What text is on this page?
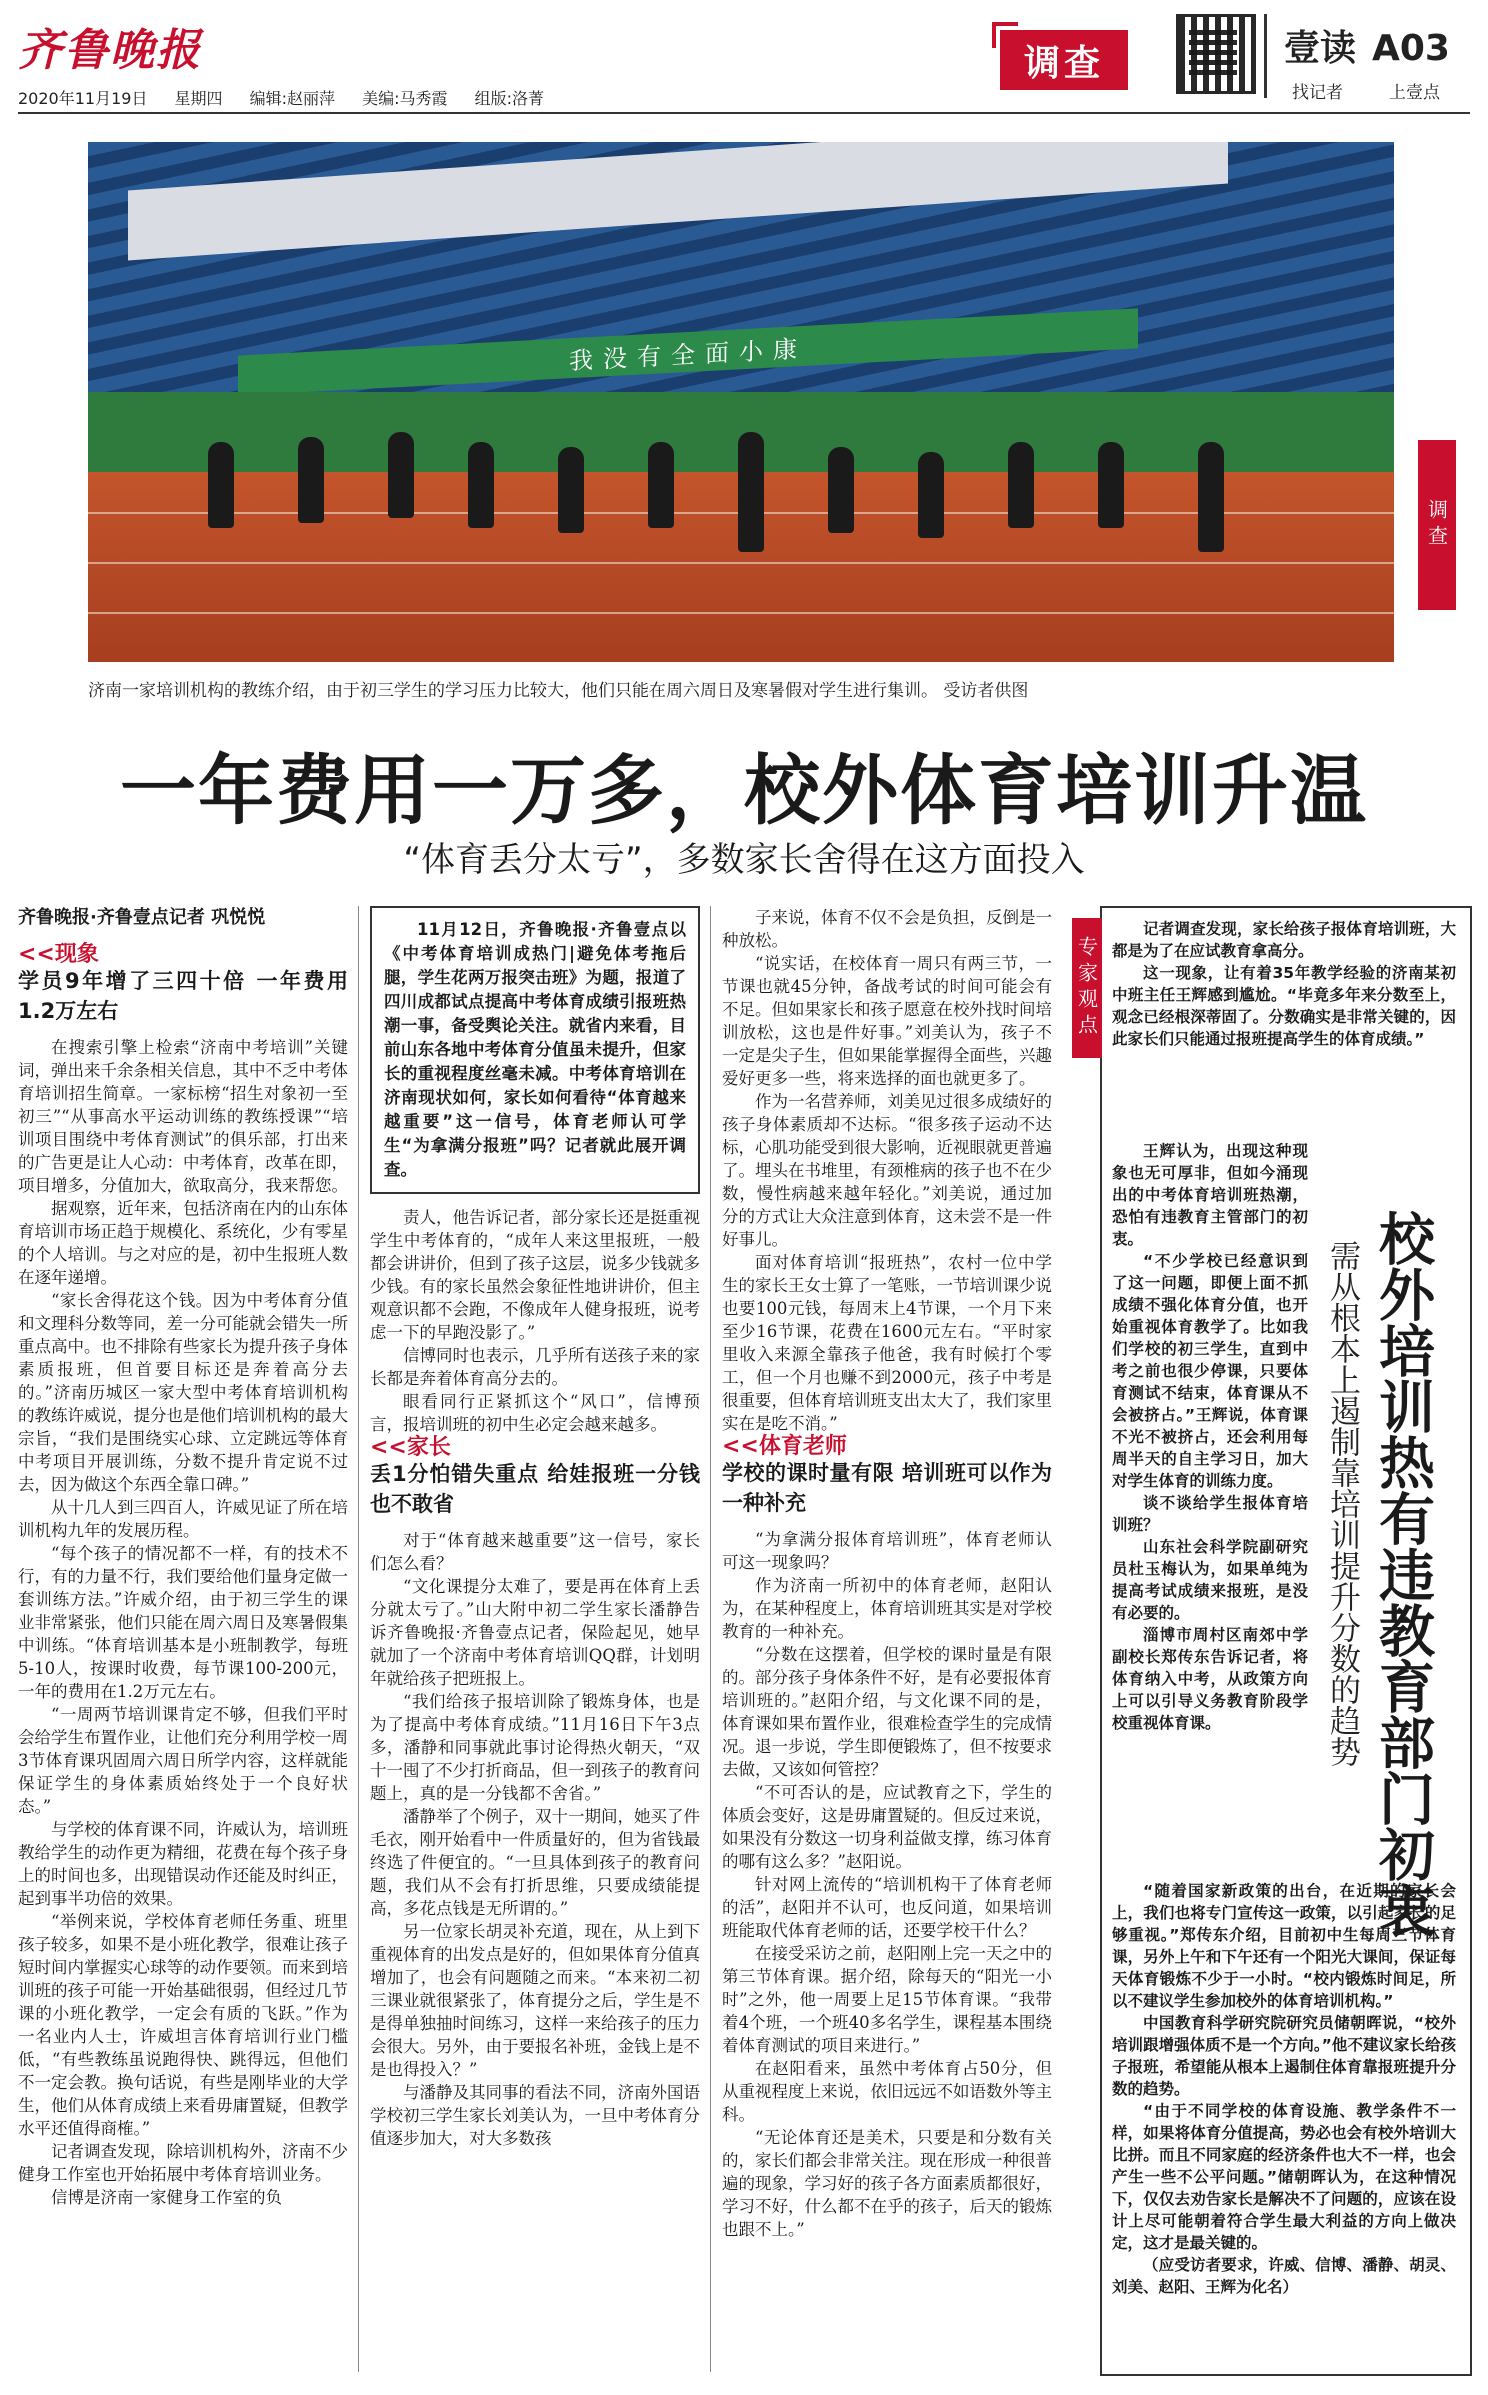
齐鲁晚报
2020年11月19日 星期四 编辑:赵丽萍 美编:马秀霞 组版:洛菁
调查	壹读 A03
找记者	上壹点
我没有全面小康
济南一家培训机构的教练介绍，由于初三学生的学习压力比较大，他们只能在周六周日及寒暑假对学生进行集训。 受访者供图
调查
一年费用一万多，校外体育培训升温
“体育丢分太亏”，多数家长舍得在这方面投入

齐鲁晚报·齐鲁壹点记者 巩悦悦

<<现象

学员9年增了三四十倍 一年费用1.2万左右

在搜索引擎上检索“济南中考培训”关键词，弹出来千余条相关信息，其中不乏中考体育培训招生简章。一家标榜“招生对象初一至初三”“从事高水平运动训练的教练授课”“培训项目围绕中考体育测试”的俱乐部，打出来的广告更是让人心动：中考体育，改革在即，项目增多，分值加大，欲取高分，我来帮您。

据观察，近年来，包括济南在内的山东体育培训市场正趋于规模化、系统化，少有零星的个人培训。与之对应的是，初中生报班人数在逐年递增。

“家长舍得花这个钱。因为中考体育分值和文理科分数等同，差一分可能就会错失一所重点高中。也不排除有些家长为提升孩子身体素质报班，但首要目标还是奔着高分去的。”济南历城区一家大型中考体育培训机构的教练许威说，提分也是他们培训机构的最大宗旨，“我们是围绕实心球、立定跳远等体育中考项目开展训练，分数不提升肯定说不过去，因为做这个东西全靠口碑。”

从十几人到三四百人，许威见证了所在培训机构九年的发展历程。

“每个孩子的情况都不一样，有的技术不行，有的力量不行，我们要给他们量身定做一套训练方法。”许威介绍，由于初三学生的课业非常紧张，他们只能在周六周日及寒暑假集中训练。“体育培训基本是小班制教学，每班5-10人，按课时收费，每节课100-200元，一年的费用在1.2万元左右。

“一周两节培训课肯定不够，但我们平时会给学生布置作业，让他们充分利用学校一周3节体育课巩固周六周日所学内容，这样就能保证学生的身体素质始终处于一个良好状态。”

与学校的体育课不同，许威认为，培训班教给学生的动作更为精细，花费在每个孩子身上的时间也多，出现错误动作还能及时纠正，起到事半功倍的效果。

“举例来说，学校体育老师任务重、班里孩子较多，如果不是小班化教学，很难让孩子短时间内掌握实心球等的动作要领。而来到培训班的孩子可能一开始基础很弱，但经过几节课的小班化教学，一定会有质的飞跃。”作为一名业内人士，许威坦言体育培训行业门槛低，“有些教练虽说跑得快、跳得远，但他们不一定会教。换句话说，有些是刚毕业的大学生，他们从体育成绩上来看毋庸置疑，但教学水平还值得商榷。”

记者调查发现，除培训机构外，济南不少健身工作室也开始拓展中考体育培训业务。

信博是济南一家健身工作室的负

11月12日，齐鲁晚报·齐鲁壹点以《中考体育培训成热门|避免体考拖后腿，学生花两万报突击班》为题，报道了四川成都试点提高中考体育成绩引报班热潮一事，备受舆论关注。就省内来看，目前山东各地中考体育分值虽未提升，但家长的重视程度丝毫未减。中考体育培训在济南现状如何，家长如何看待“体育越来越重要”这一信号，体育老师认可学生“为拿满分报班”吗？记者就此展开调查。

责人，他告诉记者，部分家长还是挺重视学生中考体育的，“成年人来这里报班，一般都会讲讲价，但到了孩子这层，说多少钱就多少钱。有的家长虽然会象征性地讲讲价，但主观意识都不会跑，不像成年人健身报班，说考虑一下的早跑没影了。”

信博同时也表示，几乎所有送孩子来的家长都是奔着体育高分去的。

眼看同行正紧抓这个“风口”，信博预言，报培训班的初中生必定会越来越多。

<<家长

丢1分怕错失重点 给娃报班一分钱也不敢省

对于“体育越来越重要”这一信号，家长们怎么看？

“文化课提分太难了，要是再在体育上丢分就太亏了。”山大附中初二学生家长潘静告诉齐鲁晚报·齐鲁壹点记者，保险起见，她早就加了一个济南中考体育培训QQ群，计划明年就给孩子把班报上。

“我们给孩子报培训除了锻炼身体，也是为了提高中考体育成绩。”11月16日下午3点多，潘静和同事就此事讨论得热火朝天，“双十一囤了不少打折商品，但一到孩子的教育问题上，真的是一分钱都不舍省。”

潘静举了个例子，双十一期间，她买了件毛衣，刚开始看中一件质量好的，但为省钱最终选了件便宜的。“一旦具体到孩子的教育问题，我们从不会有打折思维，只要成绩能提高，多花点钱是无所谓的。”

另一位家长胡灵补充道，现在，从上到下重视体育的出发点是好的，但如果体育分值真增加了，也会有问题随之而来。“本来初二初三课业就很紧张了，体育提分之后，学生是不是得单独抽时间练习，这样一来给孩子的压力会很大。另外，由于要报名补班，金钱上是不是也得投入？”

与潘静及其同事的看法不同，济南外国语学校初三学生家长刘美认为，一旦中考体育分值逐步加大，对大多数孩

子来说，体育不仅不会是负担，反倒是一种放松。

“说实话，在校体育一周只有两三节，一节课也就45分钟，备战考试的时间可能会有不足。但如果家长和孩子愿意在校外找时间培训放松，这也是件好事。”刘美认为，孩子不一定是尖子生，但如果能掌握得全面些，兴趣爱好更多一些，将来选择的面也就更多了。

作为一名营养师，刘美见过很多成绩好的孩子身体素质却不达标。“很多孩子运动不达标，心肌功能受到很大影响，近视眼就更普遍了。埋头在书堆里，有颈椎病的孩子也不在少数，慢性病越来越年轻化。”刘美说，通过加分的方式让大众注意到体育，这未尝不是一件好事儿。

面对体育培训“报班热”，农村一位中学生的家长王女士算了一笔账，一节培训课少说也要100元钱，每周末上4节课，一个月下来至少16节课，花费在1600元左右。“平时家里收入来源全靠孩子他爸，我有时候打个零工，但一个月也赚不到2000元，孩子中考是很重要，但体育培训班支出太大了，我们家里实在是吃不消。”

<<体育老师

学校的课时量有限 培训班可以作为一种补充

“为拿满分报体育培训班”，体育老师认可这一现象吗？

作为济南一所初中的体育老师，赵阳认为，在某种程度上，体育培训班其实是对学校教育的一种补充。

“分数在这摆着，但学校的课时量是有限的。部分孩子身体条件不好，是有必要报体育培训班的。”赵阳介绍，与文化课不同的是，体育课如果布置作业，很难检查学生的完成情况。退一步说，学生即便锻炼了，但不按要求去做，又该如何管控？

“不可否认的是，应试教育之下，学生的体质会变好，这是毋庸置疑的。但反过来说，如果没有分数这一切身利益做支撑，练习体育的哪有这么多？”赵阳说。

针对网上流传的“培训机构干了体育老师的活”，赵阳并不认可，也反问道，如果培训班能取代体育老师的话，还要学校干什么？

在接受采访之前，赵阳刚上完一天之中的第三节体育课。据介绍，除每天的“阳光一小时”之外，他一周要上足15节体育课。“我带着4个班，一个班40多名学生，课程基本围绕着体育测试的项目来进行。”

在赵阳看来，虽然中考体育占50分，但从重视程度上来说，依旧远远不如语数外等主科。

“无论体育还是美术，只要是和分数有关的，家长们都会非常关注。现在形成一种很普遍的现象，学习好的孩子各方面素质都很好，学习不好，什么都不在乎的孩子，后天的锻炼也跟不上。”

专家观点
校外培训热有违教育部门初衷
需从根本上遏制靠培训提升分数的趋势

记者调查发现，家长给孩子报体育培训班，大都是为了在应试教育拿高分。

这一现象，让有着35年教学经验的济南某初中班主任王辉感到尴尬。“毕竟多年来分数至上，观念已经根深蒂固了。分数确实是非常关键的，因此家长们只能通过报班提高学生的体育成绩。”

王辉认为，出现这种现象也无可厚非，但如今涌现出的中考体育培训班热潮，恐怕有违教育主管部门的初衷。

“不少学校已经意识到了这一问题，即便上面不抓成绩不强化体育分值，也开始重视体育教学了。比如我们学校的初三学生，直到中考之前也很少停课，只要体育测试不结束，体育课从不会被挤占。”王辉说，体育课不光不被挤占，还会利用每周半天的自主学习日，加大对学生体育的训练力度。

谈不谈给学生报体育培训班？

山东社会科学院副研究员杜玉梅认为，如果单纯为提高考试成绩来报班，是没有必要的。

淄博市周村区南郊中学副校长郑传东告诉记者，将体育纳入中考，从政策方向上可以引导义务教育阶段学校重视体育课。

“随着国家新政策的出台，在近期的家长会上，我们也将专门宣传这一政策，以引起家长的足够重视。”郑传东介绍，目前初中生每周三节体育课，另外上午和下午还有一个阳光大课间，保证每天体育锻炼不少于一小时。“校内锻炼时间足，所以不建议学生参加校外的体育培训机构。”

中国教育科学研究院研究员储朝晖说，“校外培训跟增强体质不是一个方向。”他不建议家长给孩子报班，希望能从根本上遏制住体育靠报班提升分数的趋势。

“由于不同学校的体育设施、教学条件不一样，如果将体育分值提高，势必也会有校外培训大比拼。而且不同家庭的经济条件也大不一样，也会产生一些不公平问题。”储朝晖认为，在这种情况下，仅仅去劝告家长是解决不了问题的，应该在设计上尽可能朝着符合学生最大利益的方向上做决定，这才是最关键的。

（应受访者要求，许威、信博、潘静、胡灵、刘美、赵阳、王辉为化名）
